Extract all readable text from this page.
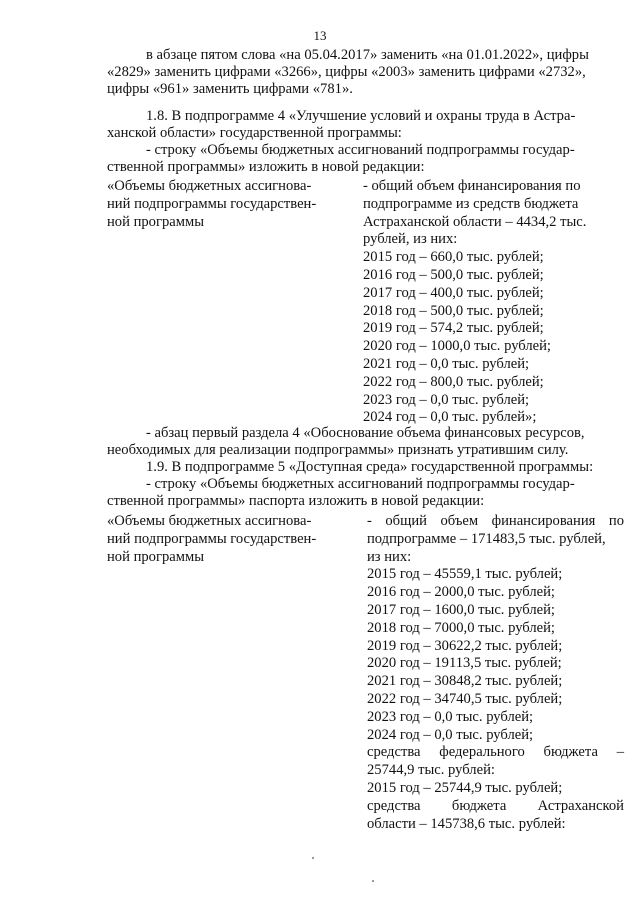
13
в абзаце пятом слова «на 05.04.2017» заменить «на 01.01.2022», цифры
«2829» заменить цифрами «3266», цифры «2003» заменить цифрами «2732»,
цифры «961» заменить цифрами «781».
1.8. В подпрограмме 4 «Улучшение условий и охраны труда в Астра-
ханской области» государственной программы:
- строку «Объемы бюджетных ассигнований подпрограммы государ-
ственной программы» изложить в новой редакции:
«Объемы бюджетных ассигнова-
ний подпрограммы государствен-
ной программы
- общий объем финансирования по
подпрограмме из средств бюджета
Астраханской области – 4434,2 тыс.
рублей, из них:
2015 год – 660,0 тыс. рублей;
2016 год – 500,0 тыс. рублей;
2017 год – 400,0 тыс. рублей;
2018 год – 500,0 тыс. рублей;
2019 год – 574,2 тыс. рублей;
2020 год – 1000,0 тыс. рублей;
2021 год – 0,0 тыс. рублей;
2022 год – 800,0 тыс. рублей;
2023 год – 0,0 тыс. рублей;
2024 год – 0,0 тыс. рублей»;
- абзац первый раздела 4 «Обоснование объема финансовых ресурсов,
необходимых для реализации подпрограммы» признать утратившим силу.
1.9. В подпрограмме 5 «Доступная среда» государственной программы:
- строку «Объемы бюджетных ассигнований подпрограммы государ-
ственной программы» паспорта изложить в новой редакции:
«Объемы бюджетных ассигнова-
ний подпрограммы государствен-
ной программы
- общий объем финансирования по
подпрограмме – 171483,5 тыс. рублей,
из них:
2015 год – 45559,1 тыс. рублей;
2016 год – 2000,0 тыс. рублей;
2017 год – 1600,0 тыс. рублей;
2018 год – 7000,0 тыс. рублей;
2019 год – 30622,2 тыс. рублей;
2020 год – 19113,5 тыс. рублей;
2021 год – 30848,2 тыс. рублей;
2022 год – 34740,5 тыс. рублей;
2023 год – 0,0 тыс. рублей;
2024 год – 0,0 тыс. рублей;
средства федерального бюджета –
25744,9 тыс. рублей:
2015 год – 25744,9 тыс. рублей;
средства бюджета Астраханской
области – 145738,6 тыс. рублей:
